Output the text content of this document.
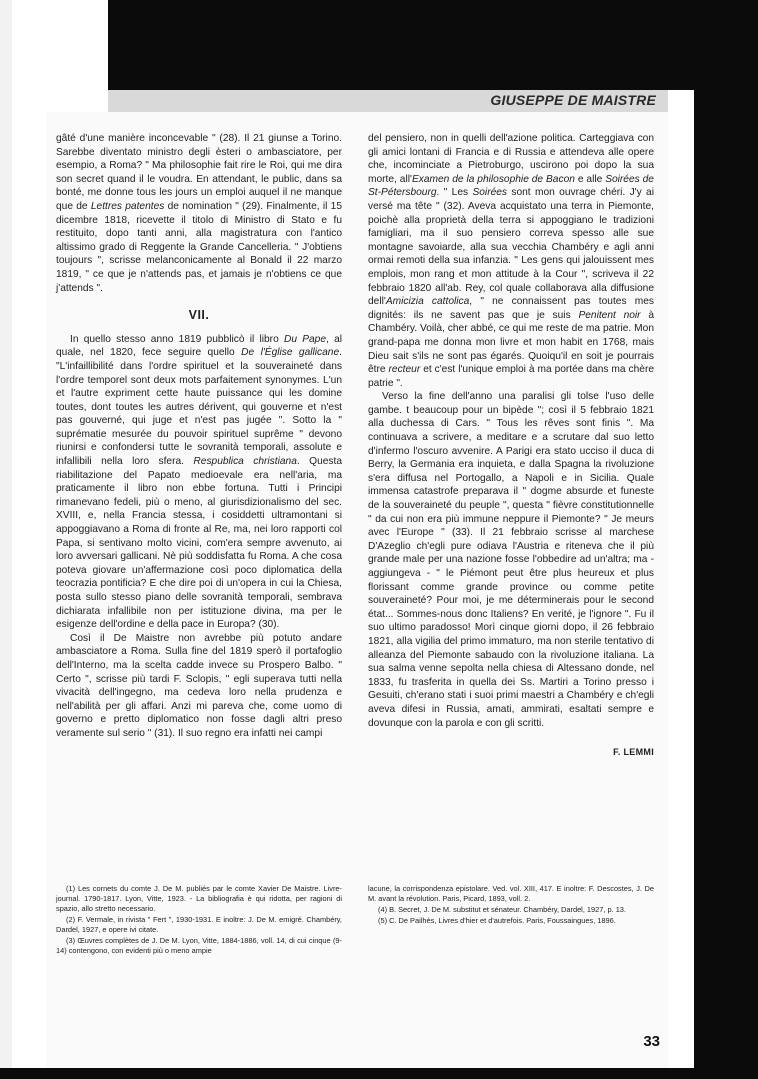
GIUSEPPE DE MAISTRE

gâté d'une manière inconcevable " (28). Il 21 giunse a Torino. Sarebbe diventato ministro degli èsteri o ambasciatore, per esempio, a Roma? " Ma philosophie fait rire le Roi, qui me dira son secret quand il le voudra. En attendant, le public, dans sa bonté, me donne tous les jours un emploi auquel il ne manque que de Lettres patentes de nomination " (29). Finalmente, il 15 dicembre 1818, ricevette il titolo di Ministro di Stato e fu restituito, dopo tanti anni, alla magistratura con l'antico altissimo grado di Reggente la Grande Cancelleria. " J'obtiens toujours ", scrisse melanconicamente al Bonald il 22 marzo 1819, " ce que je n'attends pas, et jamais je n'obtiens ce que j'attends ".

VII.

In quello stesso anno 1819 pubblicò il libro Du Pape, al quale, nel 1820, fece seguire quello De l'Église gallicane. "L'infaillibilité dans l'ordre spirituel et la souveraineté dans l'ordre temporel sont deux mots parfaitement synonymes. L'un et l'autre expriment cette haute puissance qui les domine toutes, dont toutes les autres dérivent, qui gouverne et n'est pas gouverné, qui juge et n'est pas jugée ". Sotto la " suprématie mesurée du pouvoir spirituel suprême " devono riunirsi e confondersi tutte le sovranità temporali, assolute e infallibili nella loro sfera. Respublica christiana. Questa riabilitazione del Papato medioevale era nell'aria, ma praticamente il libro non ebbe fortuna. Tutti i Principi rimanevano fedeli, più o meno, al giurisdizionalismo del sec. XVIII, e, nella Francia stessa, i cosiddetti ultramontani si appoggiavano a Roma di fronte al Re, ma, nei loro rapporti col Papa, si sentivano molto vicini, com'era sempre avvenuto, ai loro avversari gallicani. Nè più soddisfatta fu Roma. A che cosa poteva giovare un'affermazione così poco diplomatica della teocrazia pontificia? E che dire poi di un'opera in cui la Chiesa, posta sullo stesso piano delle sovranità temporali, sembrava dichiarata infallibile non per istituzione divina, ma per le esigenze dell'ordine e della pace in Europa? (30).

Così il De Maistre non avrebbe più potuto andare ambasciatore a Roma. Sulla fine del 1819 sperò il portafoglio dell'Interno, ma la scelta cadde invece su Prospero Balbo. " Certo ", scrisse più tardi F. Sclopis, " egli superava tutti nella vivacità dell'ingegno, ma cedeva loro nella prudenza e nell'abilità per gli affari. Anzi mi pareva che, come uomo di governo e pretto diplomatico non fosse dagli altri preso veramente sul serio " (31). Il suo regno era infatti nei campi

del pensiero, non in quelli dell'azione politica. Carteggiava con gli amici lontani di Francia e di Russia e attendeva alle opere che, incominciate a Pietroburgo, uscirono poi dopo la sua morte, all'Examen de la philosophie de Bacon e alle Soirées de St-Pétersbourg. " Les Soirées sont mon ouvrage chéri. J'y ai versé ma tête " (32). Aveva acquistato una terra in Piemonte, poichè alla proprietà della terra si appoggiano le tradizioni famigliari, ma il suo pensiero correva spesso alle sue montagne savoiarde, alla sua vecchia Chambéry e agli anni ormai remoti della sua infanzia. " Les gens qui jalouissent mes emplois, mon rang et mon attitude à la Cour ", scriveva il 22 febbraio 1820 all'ab. Rey, col quale collaborava alla diffusione dell'Amicizia cattolica, " ne connaissent pas toutes mes dignités: ils ne savent pas que je suis Penitent noir à Chambéry. Voilà, cher abbé, ce qui me reste de ma patrie. Mon grand-papa me donna mon livre et mon habit en 1768, mais Dieu sait s'ils ne sont pas égarés. Quoiqu'il en soit je pourrais être recteur et c'est l'unique emploi à ma portée dans ma chère patrie ".

Verso la fine dell'anno una paralisi gli tolse l'uso delle gambe. t beaucoup pour un bipède "; così il 5 febbraio 1821 alla duchessa di Cars. " Tous les rêves sont finis ". Ma continuava a scrivere, a meditare e a scrutare dal suo letto d'infermo l'oscuro avvenire. A Parigi era stato ucciso il duca di Berry, la Germania era inquieta, e dalla Spagna la rivoluzione s'era diffusa nel Portogallo, a Napoli e in Sicilia. Quale immensa catastrofe preparava il " dogme absurde et funeste de la souveraineté du peuple ", questa " fièvre constitutionnelle " da cui non era più immune neppure il Piemonte? " Je meurs avec l'Europe " (33). Il 21 febbraio scrisse al marchese D'Azeglio ch'egli pure odiava l'Austria e riteneva che il più grande male per una nazione fosse l'obbedire ad un'altra; ma - aggiungeva - " le Piémont peut être plus heureux et plus florissant comme grande province ou comme petite souveraineté? Pour moi, je me déterminerais pour le second état... Sommes-nous donc Italiens? En verité, je l'ignore ". Fu il suo ultimo paradosso! Morì cinque giorni dopo, il 26 febbraio 1821, alla vigilia del primo immaturo, ma non sterile tentativo di alleanza del Piemonte sabaudo con la rivoluzione italiana. La sua salma venne sepolta nella chiesa di Altessano donde, nel 1833, fu trasferita in quella dei Ss. Martiri a Torino presso i Gesuiti, ch'erano stati i suoi primi maestri a Chambéry e ch'egli aveva difesi in Russia, amati, ammirati, esaltati sempre e dovunque con la parola e con gli scritti.

F. LEMMI

(1) Les cornets du comte J. De M. publiés par le comte Xavier De Maistre. Livre-journal. 1790-1817. Lyon, Vitte, 1923. - La bibliografia è qui ridotta, per ragioni di spazio, allo stretto necessario.

(2) F. Vermale, in rivista " Fert ", 1930-1931. E inoltre: J. De M. emigré. Chambéry, Dardel, 1927, e opere ivi citate.

(3) Œuvres complètes de J. De M. Lyon, Vitte, 1884-1886, voll. 14, di cui cinque (9-14) contengono, con evidenti più o meno ampie

lacune, la corrispondenza epistolare. Ved. vol. XIII, 417. E inoltre: F. Descostes, J. De M. avant la révolution. Paris, Picard, 1893, voll. 2.

(4) B. Secret, J. De M. substitut et sénateur. Chambéry, Dardel, 1927, p. 13.

(5) C. De Pailhès, Livres d'hier et d'autrefois. Paris, Foussaingues, 1896.

33
